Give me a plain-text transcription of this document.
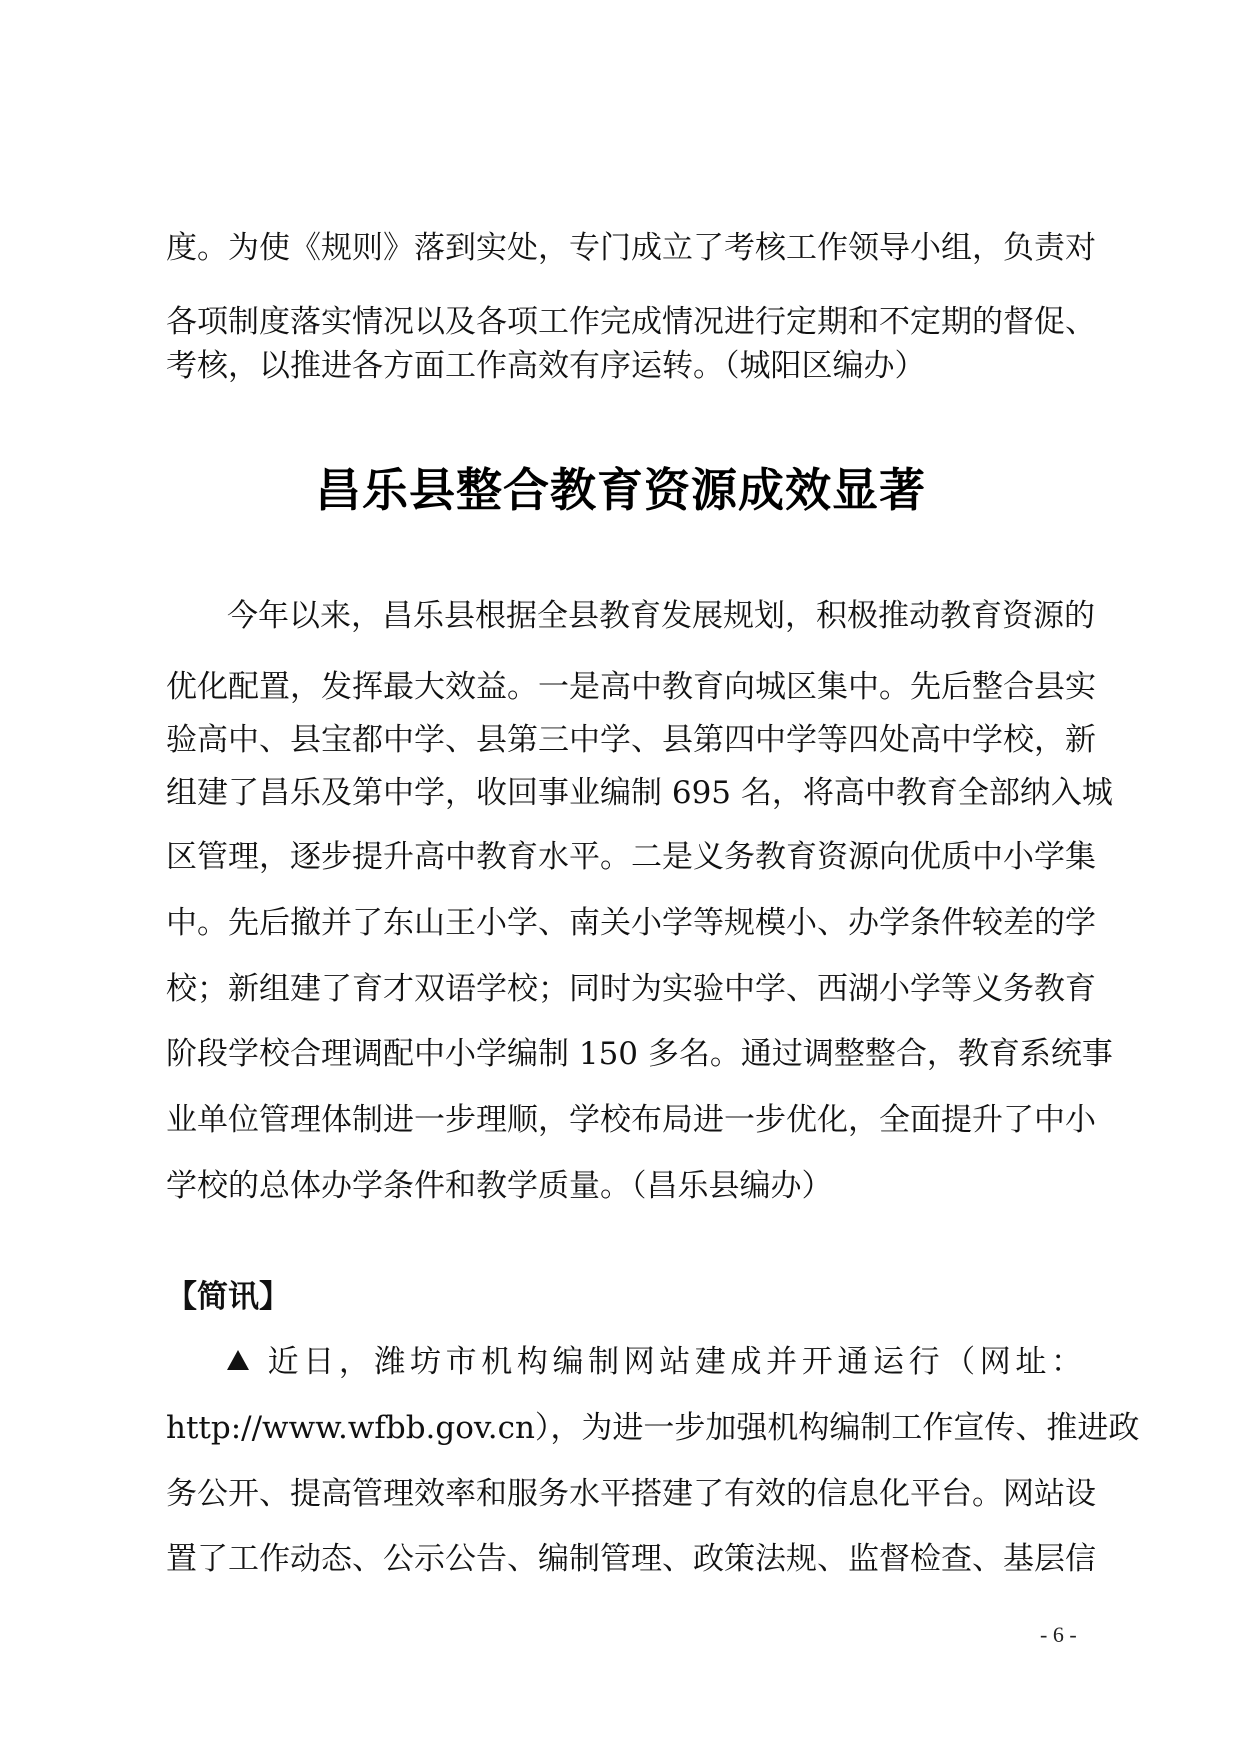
度。为使《规则》落到实处，专门成立了考核工作领导小组，负责对
各项制度落实情况以及各项工作完成情况进行定期和不定期的督促、
考核，以推进各方面工作高效有序运转。（城阳区编办）
昌乐县整合教育资源成效显著
今年以来，昌乐县根据全县教育发展规划，积极推动教育资源的
优化配置，发挥最大效益。一是高中教育向城区集中。先后整合县实
验高中、县宝都中学、县第三中学、县第四中学等四处高中学校，新
组建了昌乐及第中学，收回事业编制 695 名，将高中教育全部纳入城
区管理，逐步提升高中教育水平。二是义务教育资源向优质中小学集
中。先后撤并了东山王小学、南关小学等规模小、办学条件较差的学
校；新组建了育才双语学校；同时为实验中学、西湖小学等义务教育
阶段学校合理调配中小学编制 150 多名。通过调整整合，教育系统事
业单位管理体制进一步理顺，学校布局进一步优化，全面提升了中小
学校的总体办学条件和教学质量。（昌乐县编办）
【简讯】
近日，潍坊市机构编制网站建成并开通运行（网址：
http://www.wfbb.gov.cn），为进一步加强机构编制工作宣传、推进政
务公开、提高管理效率和服务水平搭建了有效的信息化平台。网站设
置了工作动态、公示公告、编制管理、政策法规、监督检查、基层信
- 6 -
